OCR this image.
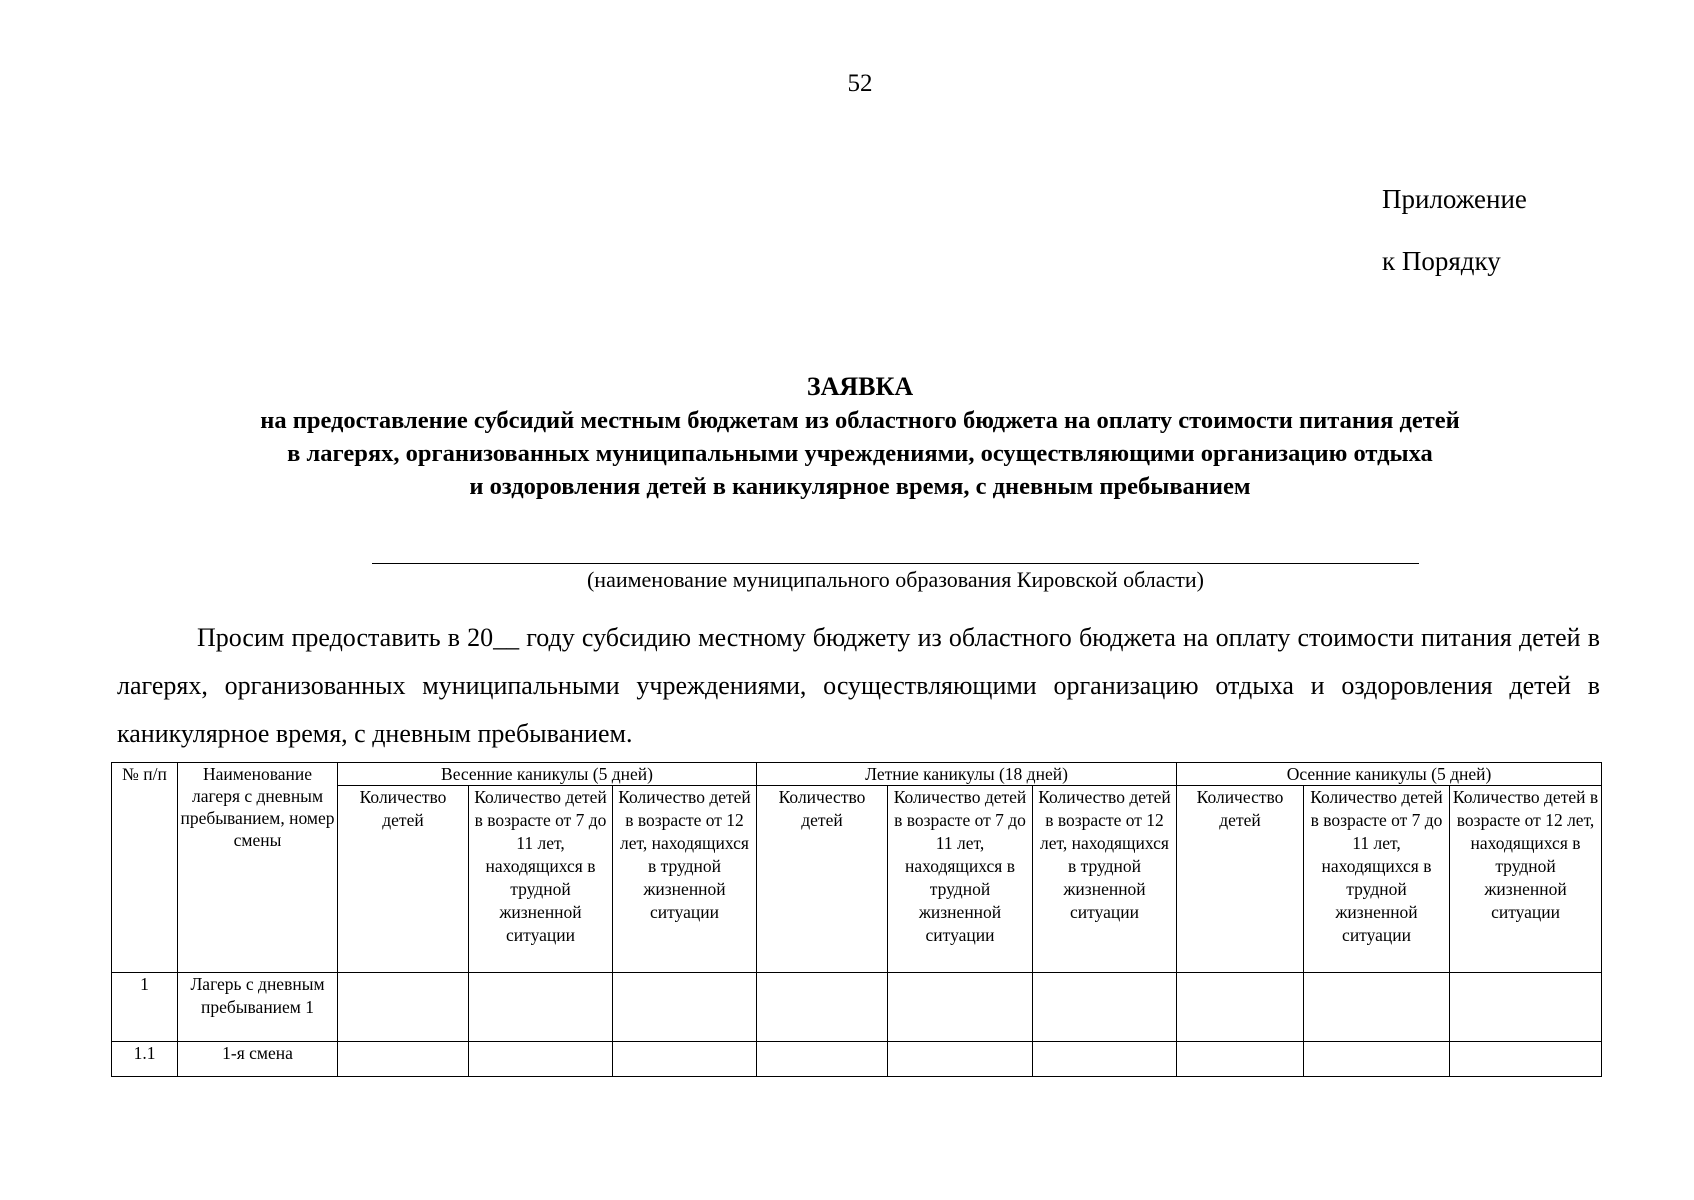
52
Приложение
к Порядку
ЗАЯВКА
на предоставление субсидий местным бюджетам из областного бюджета на оплату стоимости питания детей
в лагерях, организованных муниципальными учреждениями, осуществляющими организацию отдыха
и оздоровления детей в каникулярное время, с дневным пребыванием
(наименование муниципального образования Кировской области)
Просим предоставить в 20__ году субсидию местному бюджету из областного бюджета на оплату стоимости питания детей в лагерях, организованных муниципальными учреждениями, осуществляющими организацию отдыха и оздоровления детей в каникулярное время, с дневным пребыванием.
№ п/п	Наименование лагеря с дневным пребыванием, номер смены	Весенние каникулы (5 дней)			Летние каникулы (18 дней)			Осенние каникулы (5 дней)		
		Количество детей	Количество детей в возрасте от 7 до 11 лет, находящихся в трудной жизненной ситуации	Количество детей в возрасте от 12 лет, находящихся в трудной жизненной ситуации	Количество детей	Количество детей в возрасте от 7 до 11 лет, находящихся в трудной жизненной ситуации	Количество детей в возрасте от 12 лет, находящихся в трудной жизненной ситуации	Количество детей	Количество детей в возрасте от 7 до 11 лет, находящихся в трудной жизненной ситуации	Количество детей в возрасте от 12 лет, находящихся в трудной жизненной ситуации
1	Лагерь с дневным пребыванием 1									
1.1	1-я смена									
